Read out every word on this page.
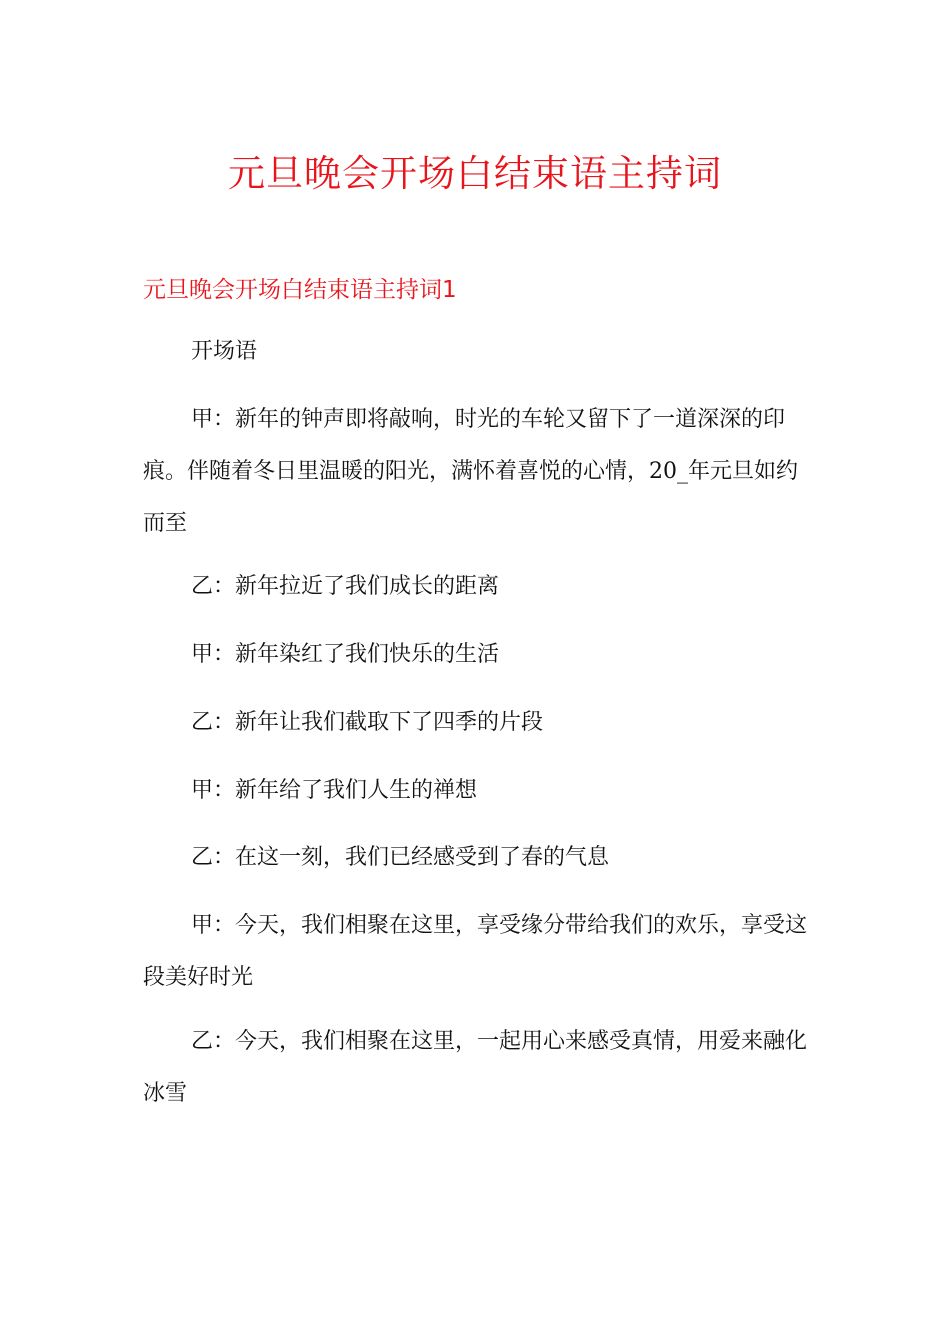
元旦晚会开场白结束语主持词
元旦晚会开场白结束语主持词1

开场语

甲：新年的钟声即将敲响，时光的车轮又留下了一道深深的印痕。伴随着冬日里温暖的阳光，满怀着喜悦的心情，20_年元旦如约而至

乙：新年拉近了我们成长的距离

甲：新年染红了我们快乐的生活

乙：新年让我们截取下了四季的片段

甲：新年给了我们人生的禅想

乙：在这一刻，我们已经感受到了春的气息

甲：今天，我们相聚在这里，享受缘分带给我们的欢乐，享受这段美好时光

乙：今天，我们相聚在这里，一起用心来感受真情，用爱来融化冰雪
